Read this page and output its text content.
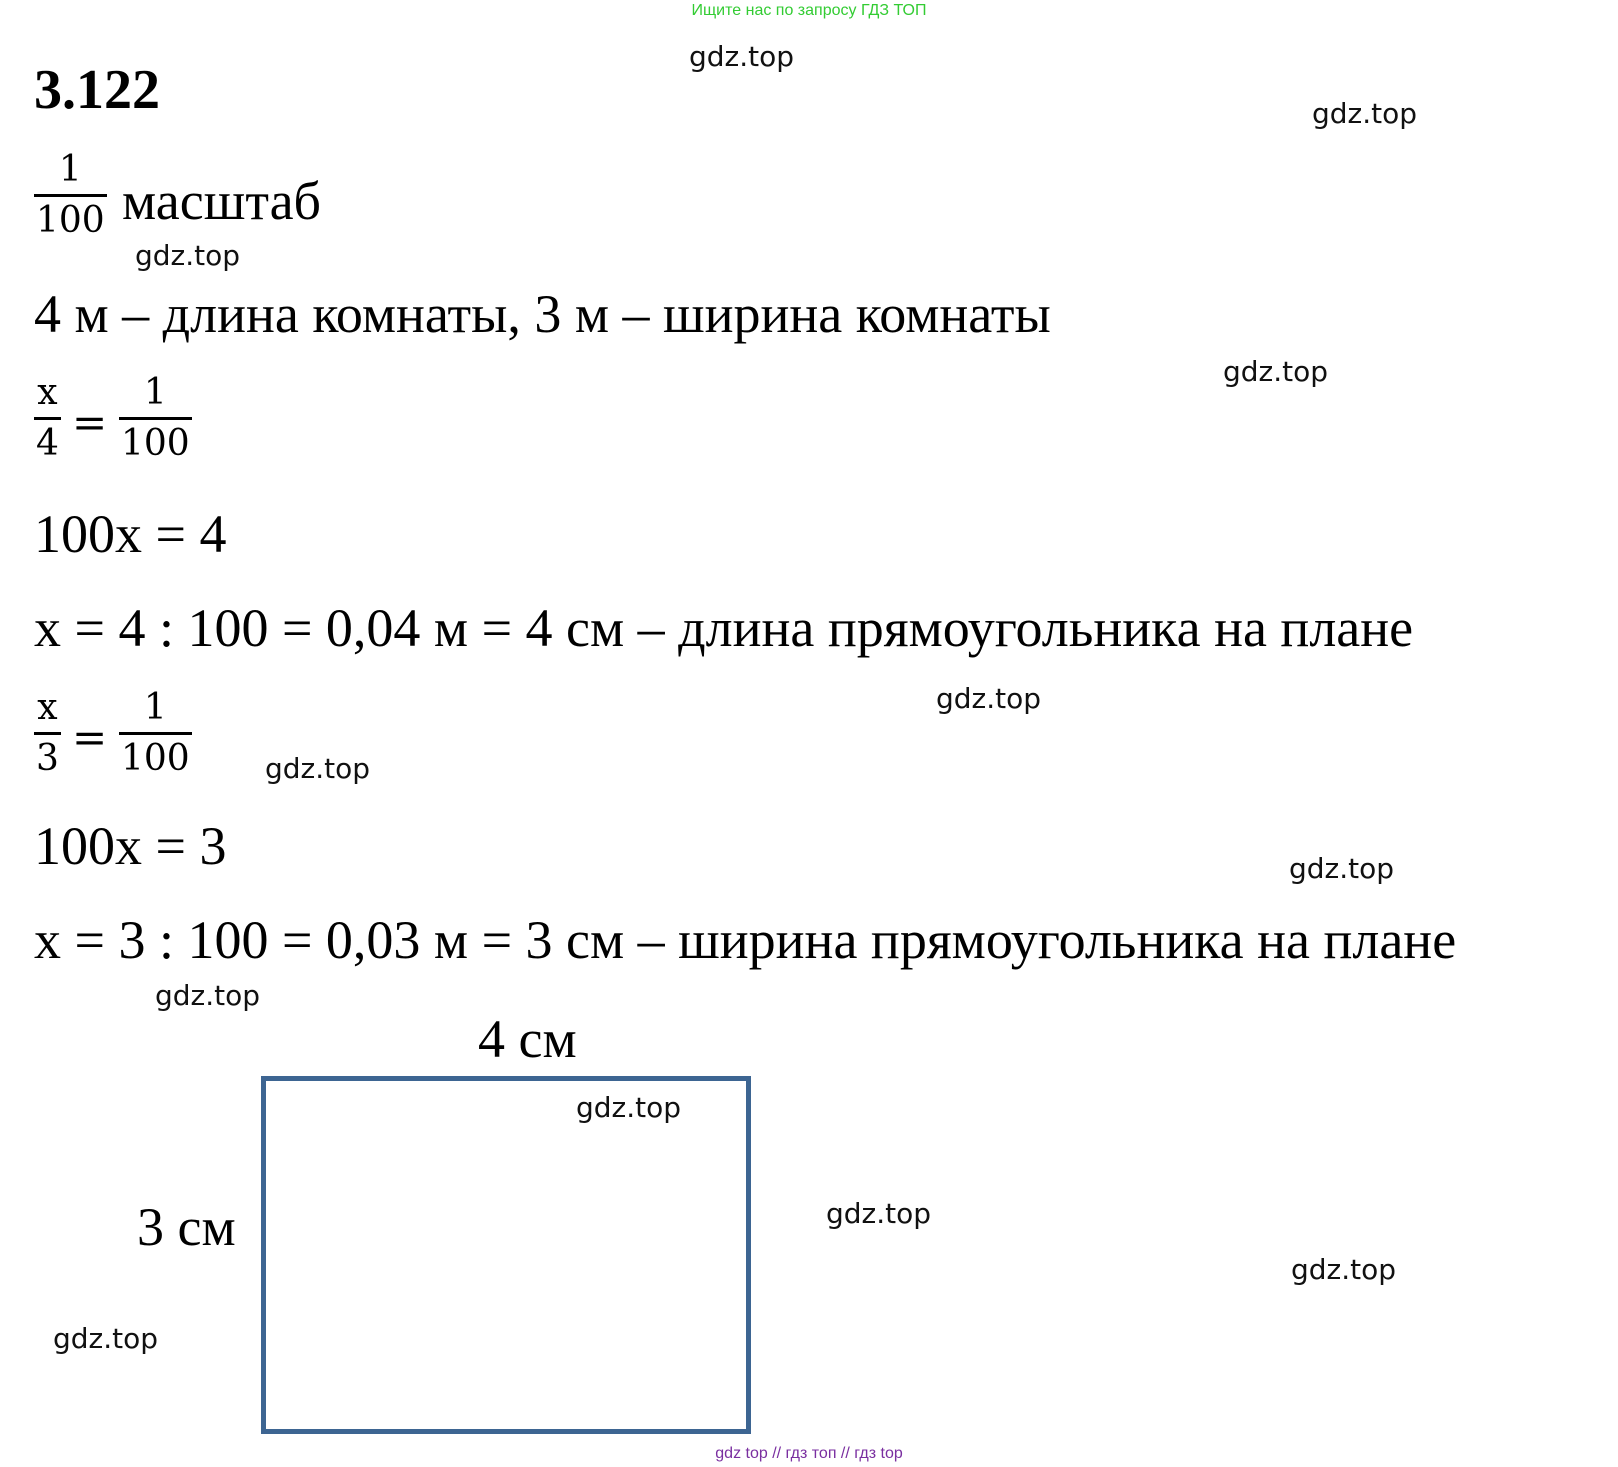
Ищите нас по запросу ГДЗ ТОП
3.122
1
100 масштаб
4 м – длина комнаты, 3 м – ширина комнаты
x
4 =
1
100
100x = 4
x = 4 : 100 = 0,04 м = 4 см – длина прямоугольника на плане
x
3 =
1
100
100x = 3
x = 3 : 100 = 0,03 м = 3 см – ширина прямоугольника на плане
4 см
3 см
gdz.top
gdz.top
gdz.top
gdz.top
gdz.top
gdz.top
gdz.top
gdz.top
gdz.top
gdz.top
gdz.top
gdz.top
gdz top // гдз топ // гдз top
